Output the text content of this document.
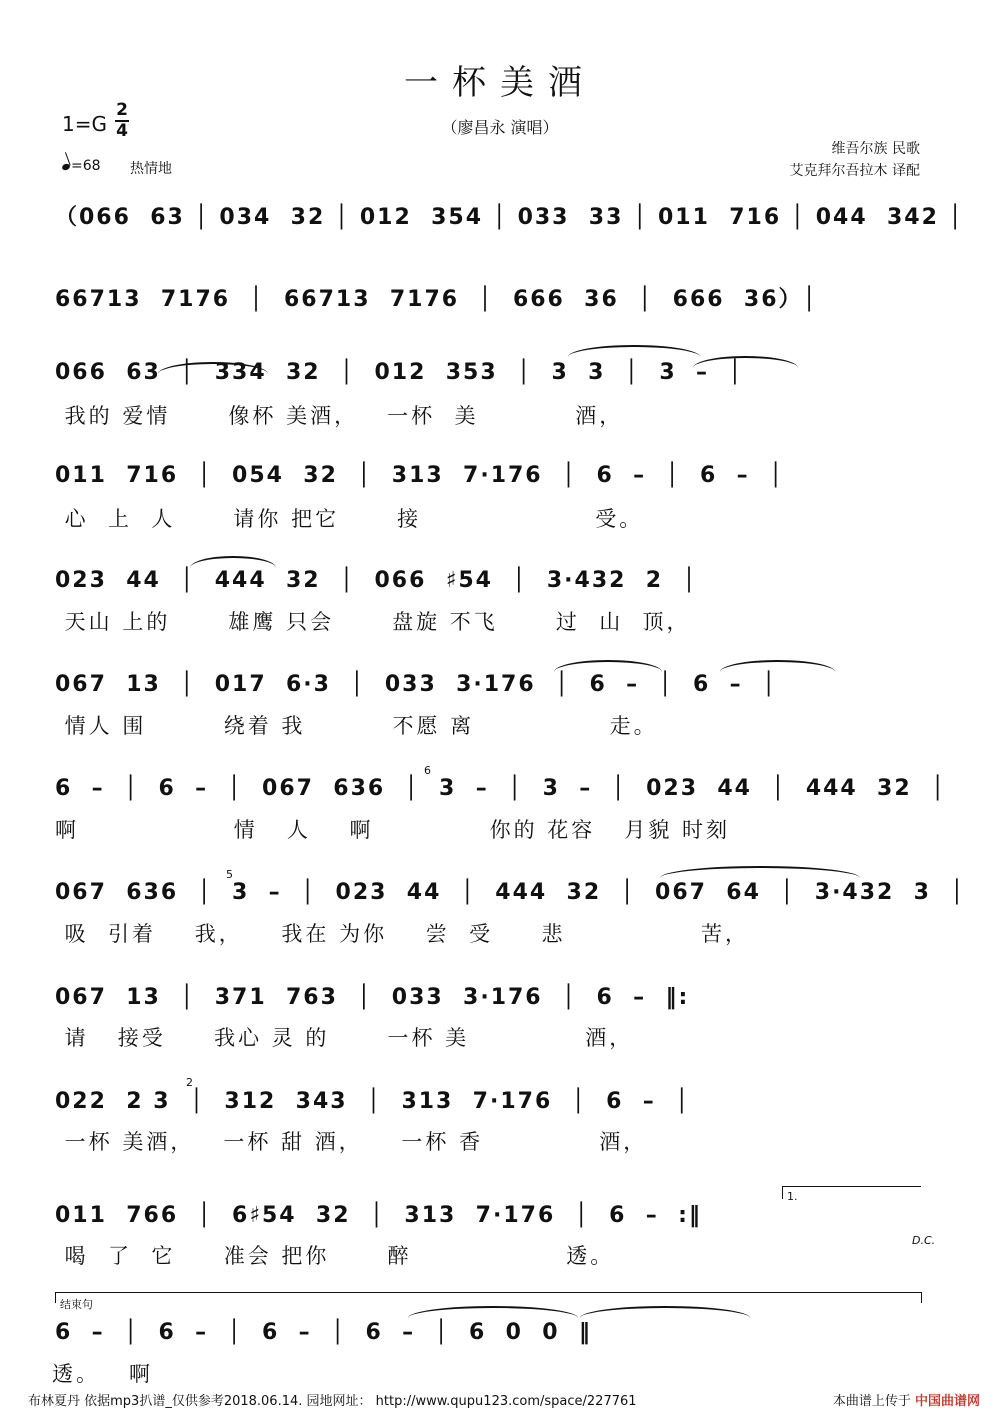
一杯美酒
（廖昌永 演唱）
$1=G \frac{2}{4}$
=68 热情地
维吾尔族 民歌
艾克拜尔吾拉木 译配
（066  63 │ 034  32 │ 012  354 │ 033  33 │ 011  716 │ 044  342 │
66713  7176  │  66713  7176  │  666  36  │  666  36）│
066  63  │  334  32  │  012  353  │  3  3  │  3  –  │
我的 爱情      像杯 美酒，   一杯  美          酒，
011  716  │  054  32  │  313  7·176  │  6  –  │  6  –  │
心  上  人      请你 把它      接                  受。
023  44  │  444  32  │  066  ♯54  │  3·432  2  │
天山 上的      雄鹰 只会      盘旋 不飞      过  山  顶，
067  13  │  017  6·3  │  033  3·176  │  6  –  │  6  –  │
情人 围        绕着 我         不愿 离              走。
6  –  │  6  –  │  067  636  │  3  –  │  3  –  │  023  44  │  444  32  │
啊                情   人    啊            你的 花容   月貌 时刻
6
067  636  │  3  –  │  023  44  │  444  32  │  067  64  │  3·432  3  │
吸  引着    我，    我在 为你    尝  受     悲              苦，
5
067  13  │  371  763  │  033  3·176  │  6  –  ‖:
请   接受     我心 灵 的      一杯 美            酒，
022  2 3  │  312  343  │  313  7·176  │  6  –  │
一杯 美酒，   一杯 甜 酒，    一杯 香            酒，
2
1.
011  766  │  6♯54  32  │  313  7·176  │  6  –  :‖
喝  了  它     准会 把你      醉                透。
D.C.
结束句
6  –  │  6  –  │  6  –  │  6  –  │  6  0  0  ‖
透。   啊
布林夏丹 依据mp3扒谱_仅供参考2018.06.14. 园地网址： http://www.qupu123.com/space/227761	本曲谱上传于 中国曲谱网
